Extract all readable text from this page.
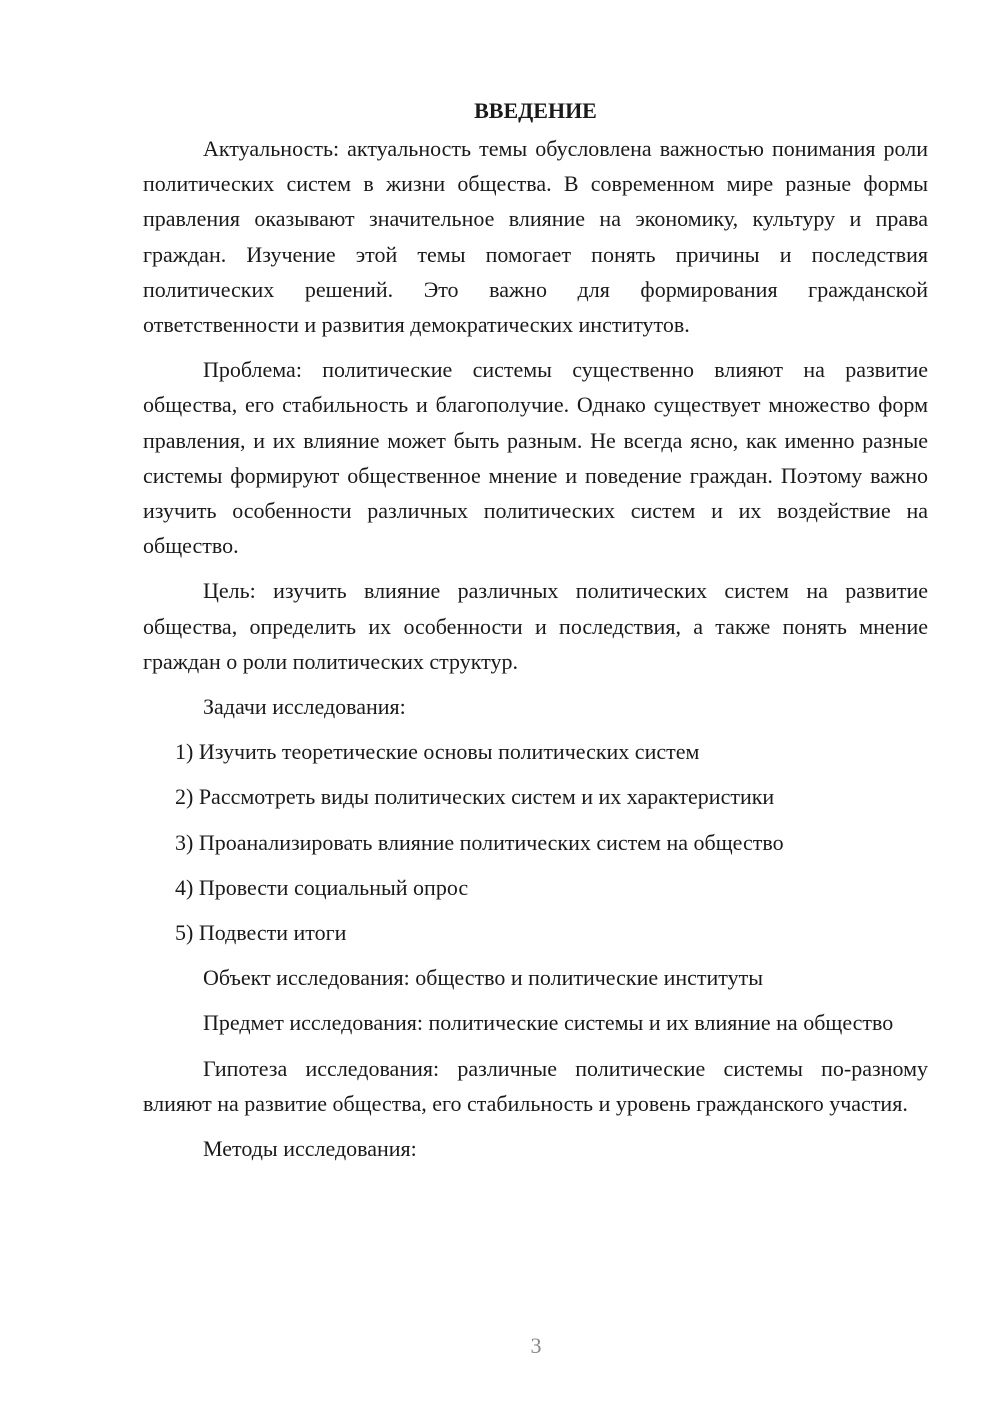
ВВЕДЕНИЕ

Актуальность: актуальность темы обусловлена важностью понимания роли политических систем в жизни общества. В современном мире разные формы правления оказывают значительное влияние на экономику, культуру и права граждан. Изучение этой темы помогает понять причины и последствия политических решений. Это важно для формирования гражданской ответственности и развития демократических институтов.

Проблема: политические системы существенно влияют на развитие общества, его стабильность и благополучие. Однако существует множество форм правления, и их влияние может быть разным. Не всегда ясно, как именно разные системы формируют общественное мнение и поведение граждан. Поэтому важно изучить особенности различных политических систем и их воздействие на общество.

Цель: изучить влияние различных политических систем на развитие общества, определить их особенности и последствия, а также понять мнение граждан о роли политических структур.

Задачи исследования:

1) Изучить теоретические основы политических систем
2) Рассмотреть виды политических систем и их характеристики
3) Проанализировать влияние политических систем на общество
4) Провести социальный опрос
5) Подвести итоги

Объект исследования: общество и политические институты

Предмет исследования: политические системы и их влияние на общество

Гипотеза исследования: различные политические системы по-разному влияют на развитие общества, его стабильность и уровень гражданского участия.

Методы исследования:

3
